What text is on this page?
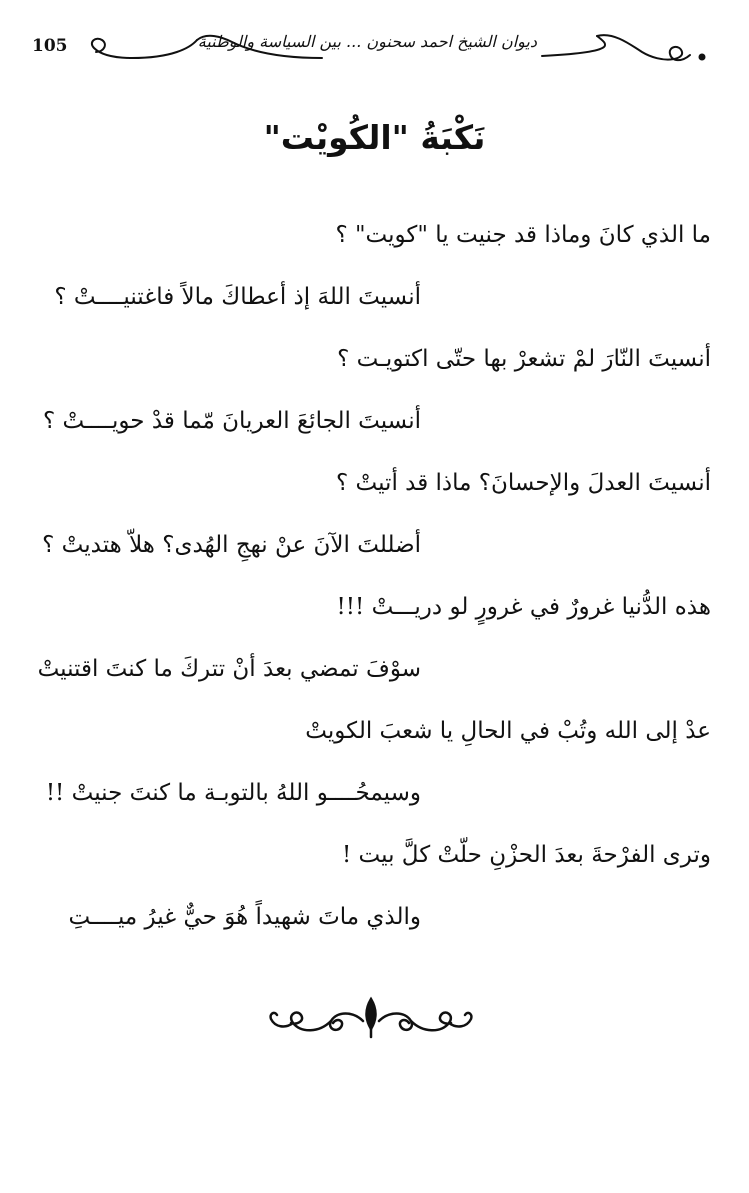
105	ديوان الشيخ احمد سحنون ... بين السياسة والوطنية
نَكْبَةُ "الكُويْت"
ما الذي كانَ وماذا قد جنيت يا "كويت" ؟
أنسيتَ اللهَ إذ أعطاكَ مالاً فاغتنيــــتْ ؟
أنسيتَ النّارَ لمْ تشعرْ بها حتّى اكتويـت ؟
أنسيتَ الجائعَ العريانَ مّما قدْ حويــــتْ ؟
أنسيتَ العدلَ والإحسانَ؟ ماذا قد أتيتْ ؟
أضللتَ الآنَ عنْ نهجِ الهُدى؟ هلاّ هتديتْ ؟
هذه الدُّنيا غرورٌ في غرورٍ لو دريـــتْ !!!
سوْفَ تمضي بعدَ أنْ تتركَ ما كنتَ اقتنيتْ
عدْ إلى الله وتُبْ في الحالِ يا شعبَ الكويتْ
وسيمحُــــو اللهُ بالتوبـة ما كنتَ جنيتْ !!
وترى الفرْحةَ بعدَ الحزْنِ حلّتْ كلَّ بيت !
والذي ماتَ شهيداً هُوَ حيٌّ غيرُ ميــــتِ
